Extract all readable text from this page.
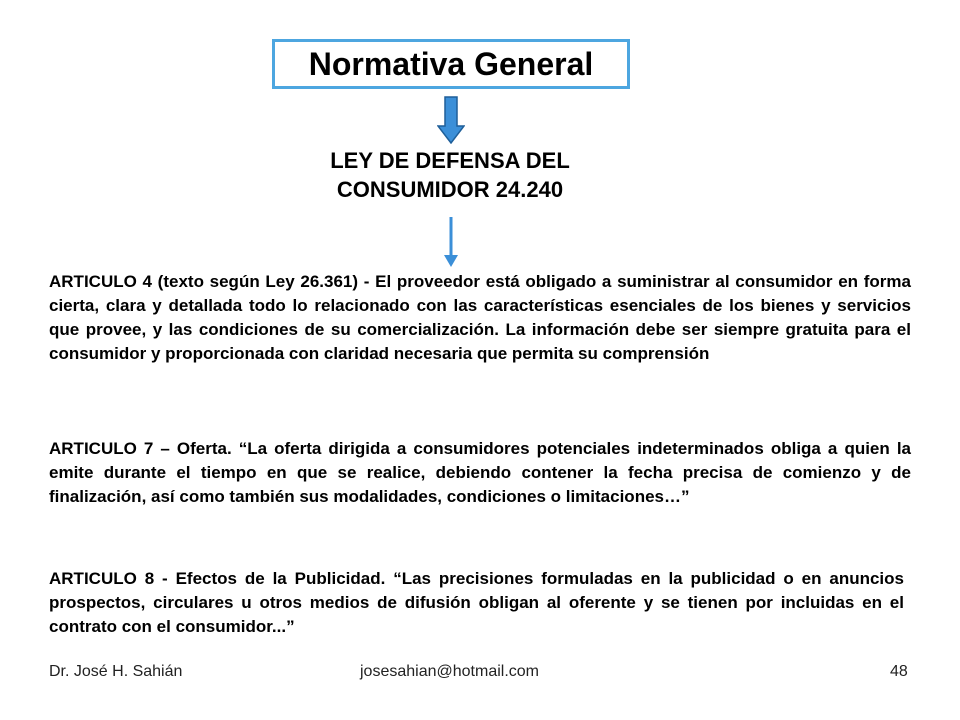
Normativa General
LEY DE DEFENSA DEL
CONSUMIDOR 24.240

ARTICULO 4 (texto según Ley 26.361) - El proveedor está obligado a suministrar al consumidor en forma cierta, clara y detallada todo lo relacionado con las características esenciales de los bienes y servicios que provee, y las condiciones de su comercialización. La información debe ser siempre gratuita para el consumidor y proporcionada con claridad necesaria que permita su comprensión

ARTICULO 7 – Oferta. “La oferta dirigida a consumidores potenciales indeterminados obliga a quien la emite durante el tiempo en que se realice, debiendo contener la fecha precisa de comienzo y de finalización, así como también sus modalidades, condiciones o limitaciones…”

ARTICULO 8 - Efectos de la Publicidad. “Las precisiones formuladas en la publicidad o en anuncios prospectos, circulares u otros medios de difusión obligan al oferente y se tienen por incluidas en el contrato con el consumidor...”

Dr. José H. Sahián	josesahian@hotmail.com	48
